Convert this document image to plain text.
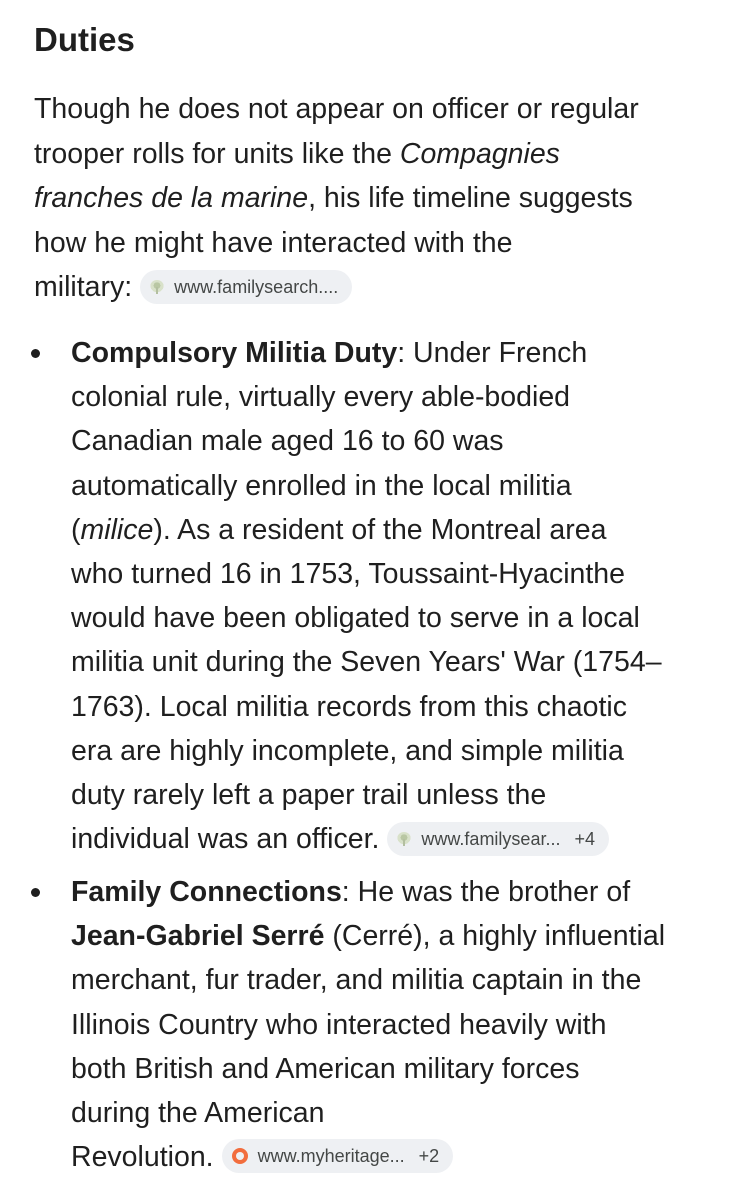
Duties

Though he does not appear on officer or regular
trooper rolls for units like the Compagnies
franches de la marine, his life timeline suggests
how he might have interacted with the
military: www.familysearch....

Compulsory Militia Duty: Under French
colonial rule, virtually every able-bodied
Canadian male aged 16 to 60 was
automatically enrolled in the local militia
(milice). As a resident of the Montreal area
who turned 16 in 1753, Toussaint-Hyacinthe
would have been obligated to serve in a local
militia unit during the Seven Years' War (1754–
1763). Local militia records from this chaotic
era are highly incomplete, and simple militia
duty rarely left a paper trail unless the
individual was an officer. www.familysear... +4

Family Connections: He was the brother of
Jean-Gabriel Serré (Cerré), a highly influential
merchant, fur trader, and militia captain in the
Illinois Country who interacted heavily with
both British and American military forces
during the American
Revolution. www.myheritage... +2
